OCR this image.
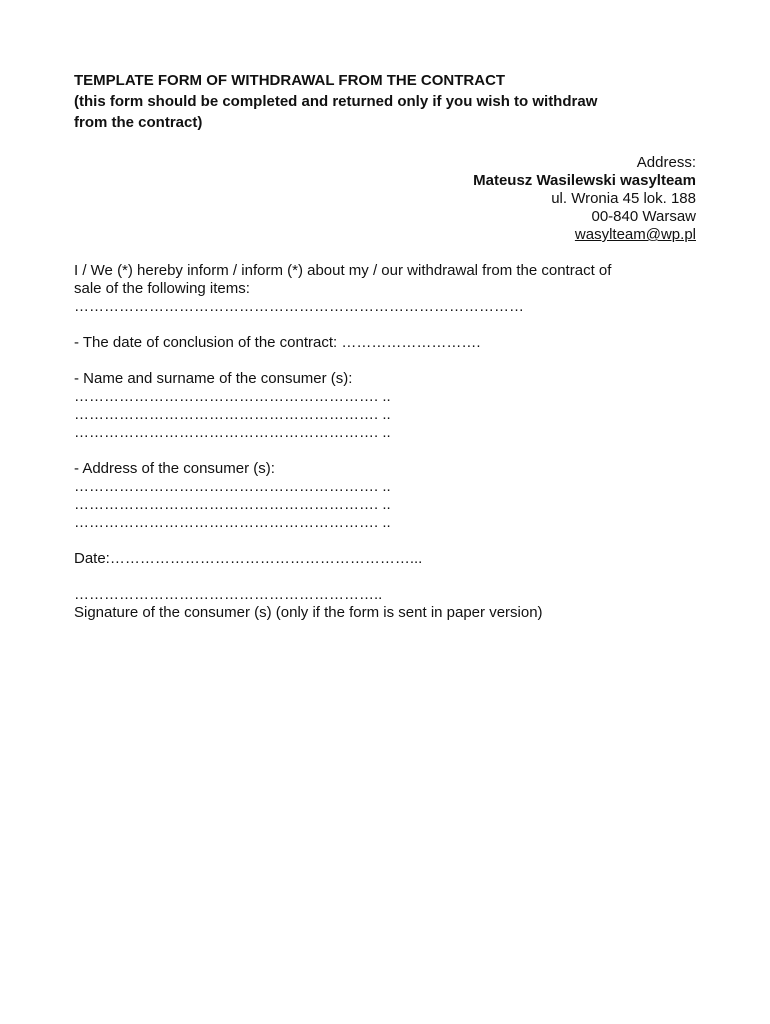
TEMPLATE FORM OF WITHDRAWAL FROM THE CONTRACT
(this form should be completed and returned only if you wish to withdraw
from the contract)
Address:
Mateusz Wasilewski wasylteam
ul. Wronia 45 lok. 188
00-840 Warsaw
wasylteam@wp.pl
I / We (*) hereby inform / inform (*) about my / our withdrawal from the contract of
sale of the following items:
………………………………………………………………………………
- The date of conclusion of the contract: ……………………….
- Name and surname of the consumer (s):
……………………………………………………. ..
……………………………………………………. ..
……………………………………………………. ..
- Address of the consumer (s):
……………………………………………………. ..
……………………………………………………. ..
……………………………………………………. ..
Date:……………………………………………………...
……………………………………………………..
Signature of the consumer (s) (only if the form is sent in paper version)
